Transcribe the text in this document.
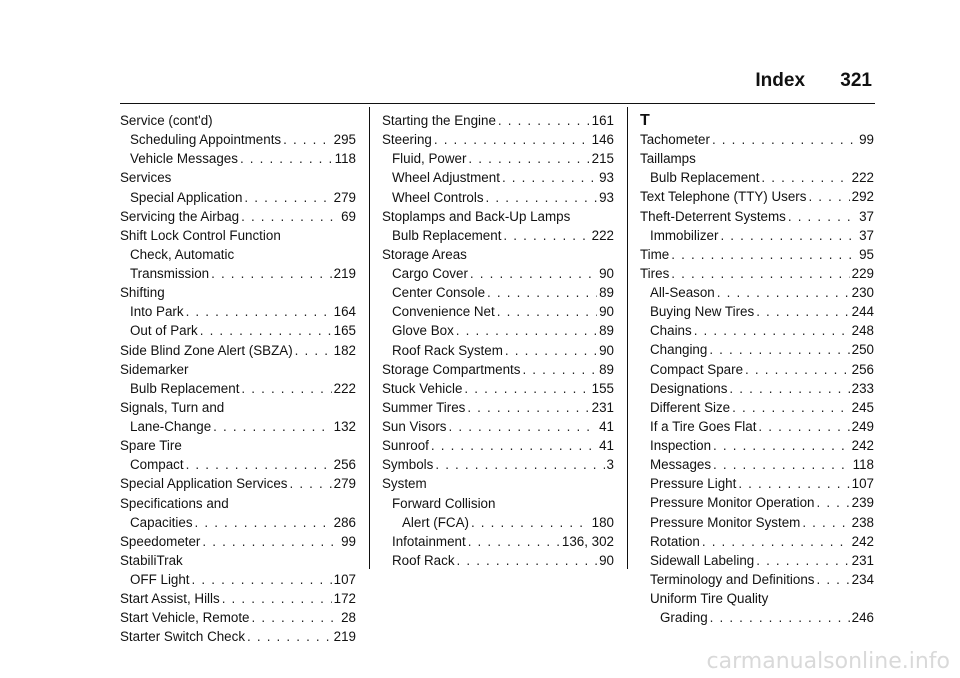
Index 321
Service (cont'd)
Scheduling Appointments . . .	295
Vehicle Messages . . .	118
Services
Special Application . . .	279
Servicing the Airbag . . .	69
Shift Lock Control Function
Check, Automatic
Transmission . . .	219
Shifting
Into Park . . .	164
Out of Park . . .	165
Side Blind Zone Alert (SBZA) . . .	182
Sidemarker
Bulb Replacement . . .	222
Signals, Turn and
Lane-Change . . .	132
Spare Tire
Compact . . .	256
Special Application Services . . .	279
Specifications and
Capacities . . .	286
Speedometer . . .	99
StabiliTrak
OFF Light . . .	107
Start Assist, Hills . . .	172
Start Vehicle, Remote . . .	28
Starter Switch Check . . .	219
Starting the Engine . . .	161
Steering . . .	146
Fluid, Power . . .	215
Wheel Adjustment . . .	93
Wheel Controls . . .	93
Stoplamps and Back-Up Lamps
Bulb Replacement . . .	222
Storage Areas
Cargo Cover . . .	90
Center Console . . .	89
Convenience Net . . .	90
Glove Box . . .	89
Roof Rack System . . .	90
Storage Compartments . . .	89
Stuck Vehicle . . .	155
Summer Tires . . .	231
Sun Visors . . .	41
Sunroof . . .	41
Symbols . . .	3
System
Forward Collision
Alert (FCA) . . .	180
Infotainment . . .	136, 302
Roof Rack . . .	90
T
Tachometer . . .	99
Taillamps
Bulb Replacement . . .	222
Text Telephone (TTY) Users . . .	292
Theft-Deterrent Systems . . .	37
Immobilizer . . .	37
Time . . .	95
Tires . . .	229
All-Season . . .	230
Buying New Tires . . .	244
Chains . . .	248
Changing . . .	250
Compact Spare . . .	256
Designations . . .	233
Different Size . . .	245
If a Tire Goes Flat . . .	249
Inspection . . .	242
Messages . . .	118
Pressure Light . . .	107
Pressure Monitor Operation . . .	239
Pressure Monitor System . . .	238
Rotation . . .	242
Sidewall Labeling . . .	231
Terminology and Definitions . . .	234
Uniform Tire Quality
Grading . . .	246
carmanualsonline.info
